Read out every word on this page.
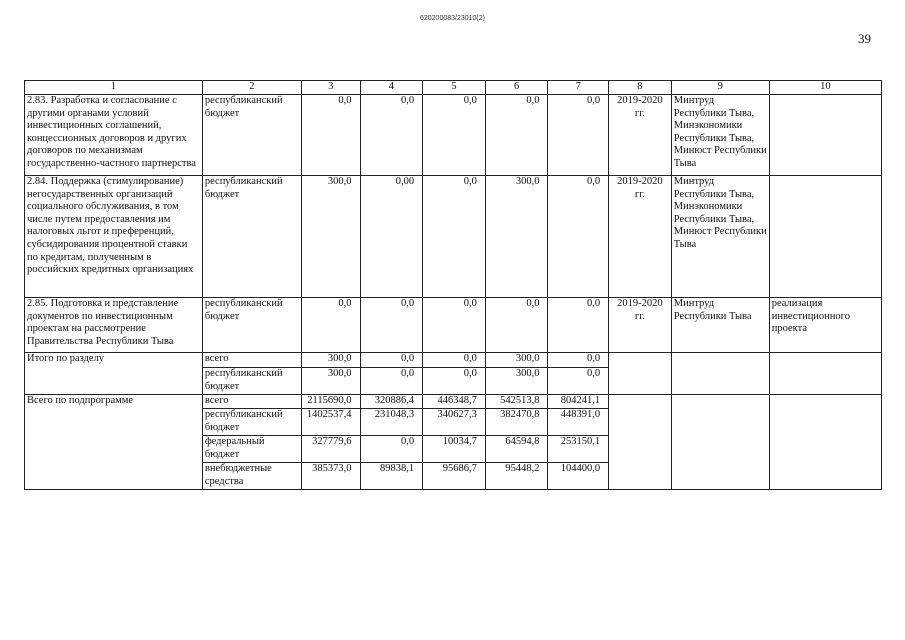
620200083/23010(2)
39
1	2	3	4	5	6	7	8	9	10
2.83. Разработка и согласование с другими органами условий инвестиционных соглашений, концессионных договоров и других договоров по механизмам государственно-частного партнерства	республиканский бюджет	0,0	0,0	0,0	0,0	0,0	2019-2020 гг.	Минтруд Республики Тыва, Минэкономики Республики Тыва, Минюст Республики Тыва	
2.84. Поддержка (стимулирование) негосударственных организаций социального обслуживания, в том числе путем предоставления им налоговых льгот и преференций, субсидирования процентной ставки по кредитам, полученным в российских кредитных организациях	республиканский бюджет	300,0	0,00	0,0	300,0	0,0	2019-2020 гг.	Минтруд Республики Тыва, Минэкономики Республики Тыва, Минюст Республики Тыва	
2.85. Подготовка и представление документов по инвестиционным проектам на рассмотрение Правительства Республики Тыва	республиканский бюджет	0,0	0,0	0,0	0,0	0,0	2019-2020 гг.	Минтруд Республики Тыва	реализация инвестиционного проекта
Итого по разделу	всего	300,0	0,0	0,0	300,0	0,0			
	республиканский бюджет	300,0	0,0	0,0	300,0	0,0			
Всего по подпрограмме	всего	2115690,0	320886,4	446348,7	542513,8	804241,1			
	республиканский бюджет	1402537,4	231048,3	340627,3	382470,8	448391,0			
	федеральный бюджет	327779,6	0,0	10034,7	64594,8	253150,1			
	внебюджетные средства	385373,0	89838,1	95686,7	95448,2	104400,0			
